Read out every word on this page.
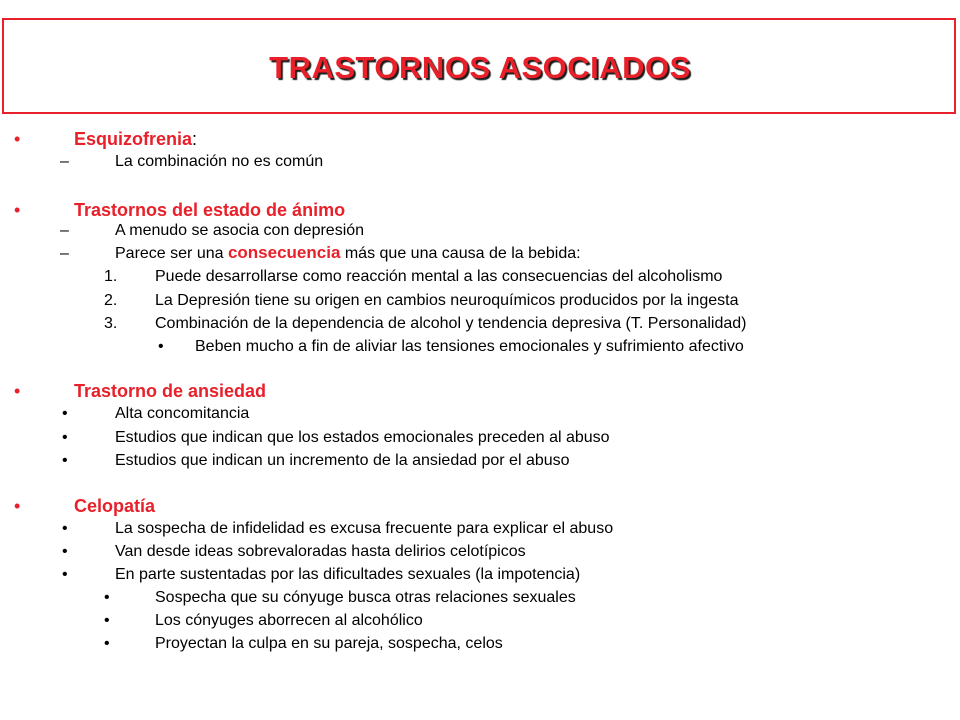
TRASTORNOS ASOCIADOS
•	Esquizofrenia:
–	La combinación no es común
•	Trastornos del estado de ánimo
–	A menudo se asocia con depresión
–	Parece ser una consecuencia más que una causa de la bebida:
1. Puede desarrollarse como reacción mental a las consecuencias del alcoholismo
2. La Depresión tiene su origen en cambios neuroquímicos producidos por la ingesta
3. Combinación de la dependencia de alcohol y tendencia depresiva (T. Personalidad)
• Beben mucho a fin de aliviar las tensiones emocionales y sufrimiento afectivo
•	Trastorno de ansiedad
•	Alta concomitancia
•	Estudios que indican que los estados emocionales preceden al abuso
•	Estudios que indican un incremento de la ansiedad por el abuso
•	Celopatía
•	La sospecha de infidelidad es excusa frecuente para explicar el abuso
•	Van desde ideas sobrevaloradas hasta delirios celotípicos
•	En parte sustentadas por las dificultades sexuales (la impotencia)
•	Sospecha que su cónyuge busca otras relaciones sexuales
•	Los cónyuges aborrecen al alcohólico
•	Proyectan la culpa en su pareja, sospecha, celos
